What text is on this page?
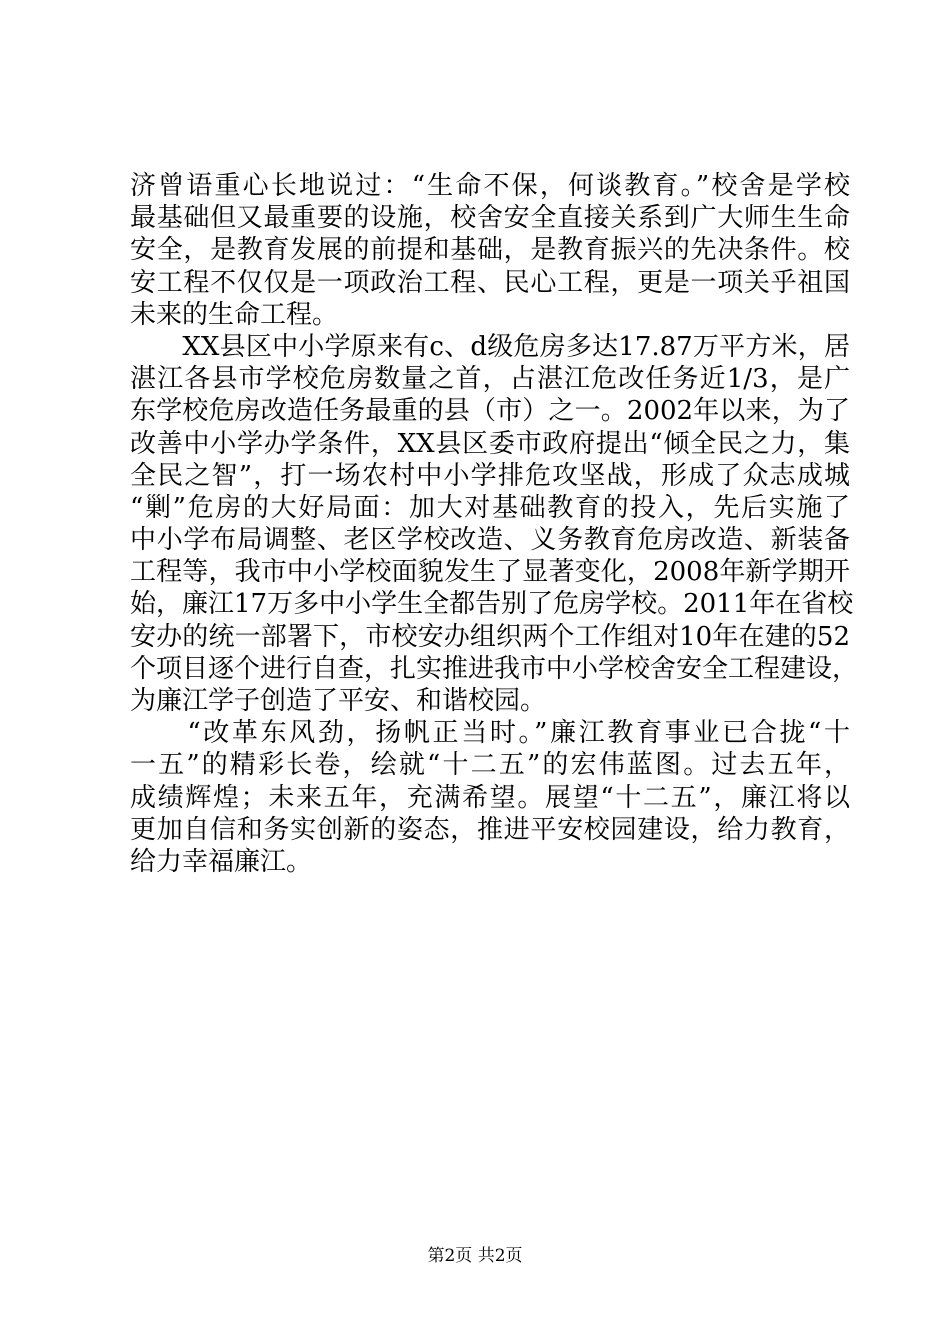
济曾语重心长地说过：“生命不保，何谈教育。”校舍是学校
最基础但又最重要的设施，校舍安全直接关系到广大师生生命
安全，是教育发展的前提和基础，是教育振兴的先决条件。校
安工程不仅仅是一项政治工程、民心工程，更是一项关乎祖国
未来的生命工程。
　　XX县区中小学原来有c、d级危房多达17.87万平方米，居
湛江各县市学校危房数量之首，占湛江危改任务近1/3，是广
东学校危房改造任务最重的县（市）之一。2002年以来，为了
改善中小学办学条件，XX县区委市政府提出“倾全民之力，集
全民之智”，打一场农村中小学排危攻坚战，形成了众志成城
“剿”危房的大好局面：加大对基础教育的投入，先后实施了
中小学布局调整、老区学校改造、义务教育危房改造、新装备
工程等，我市中小学校面貌发生了显著变化，2008年新学期开
始，廉江17万多中小学生全都告别了危房学校。2011年在省校
安办的统一部署下，市校安办组织两个工作组对10年在建的52
个项目逐个进行自查，扎实推进我市中小学校舍安全工程建设，
为廉江学子创造了平安、和谐校园。
　　“改革东风劲，扬帆正当时。”廉江教育事业已合拢“十
一五”的精彩长卷，绘就“十二五”的宏伟蓝图。过去五年，
成绩辉煌；未来五年，充满希望。展望“十二五”，廉江将以
更加自信和务实创新的姿态，推进平安校园建设，给力教育，
给力幸福廉江。
第2页 共2页
